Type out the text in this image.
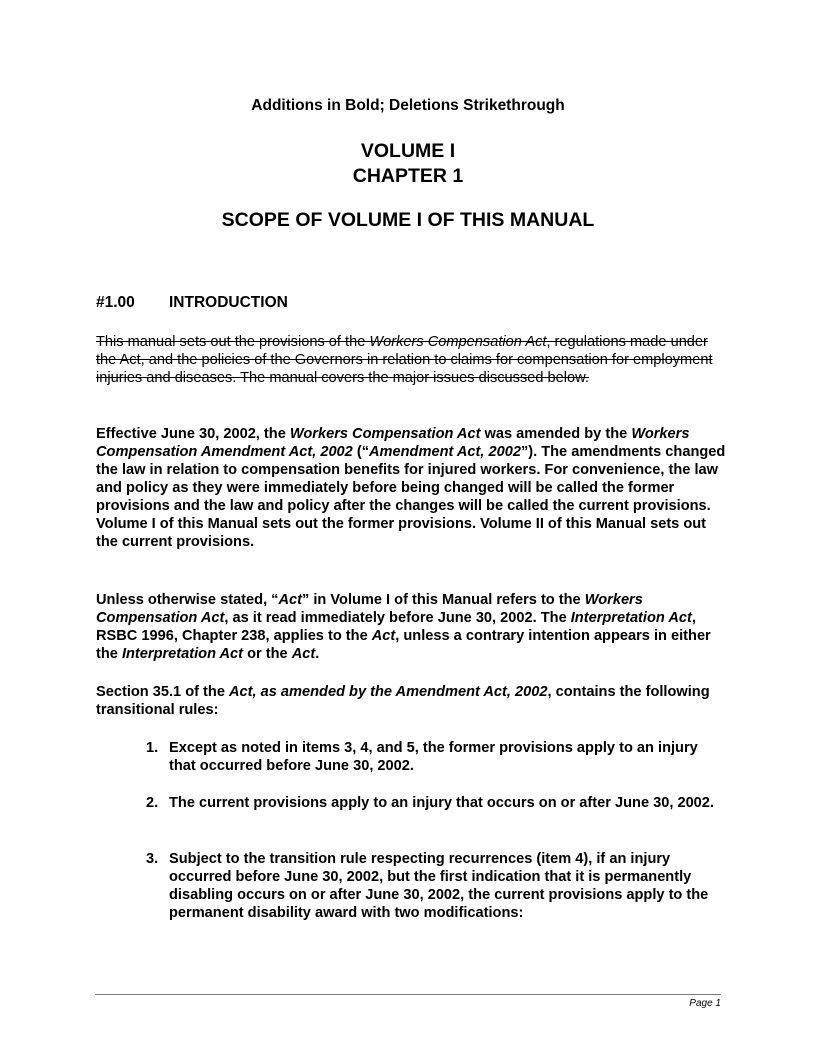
Additions in Bold; Deletions Strikethrough
VOLUME I
CHAPTER 1
SCOPE OF VOLUME I OF THIS MANUAL
#1.00 INTRODUCTION
This manual sets out the provisions of the Workers Compensation Act, regulations made under the Act, and the policies of the Governors in relation to claims for compensation for employment injuries and diseases. The manual covers the major issues discussed below.
Effective June 30, 2002, the Workers Compensation Act was amended by the Workers Compensation Amendment Act, 2002 (“Amendment Act, 2002”). The amendments changed the law in relation to compensation benefits for injured workers. For convenience, the law and policy as they were immediately before being changed will be called the former provisions and the law and policy after the changes will be called the current provisions. Volume I of this Manual sets out the former provisions. Volume II of this Manual sets out the current provisions.
Unless otherwise stated, “Act” in Volume I of this Manual refers to the Workers Compensation Act, as it read immediately before June 30, 2002. The Interpretation Act, RSBC 1996, Chapter 238, applies to the Act, unless a contrary intention appears in either the Interpretation Act or the Act.
Section 35.1 of the Act, as amended by the Amendment Act, 2002, contains the following transitional rules:
1. Except as noted in items 3, 4, and 5, the former provisions apply to an injury that occurred before June 30, 2002.
2. The current provisions apply to an injury that occurs on or after June 30, 2002.
3. Subject to the transition rule respecting recurrences (item 4), if an injury occurred before June 30, 2002, but the first indication that it is permanently disabling occurs on or after June 30, 2002, the current provisions apply to the permanent disability award with two modifications:
Page 1
